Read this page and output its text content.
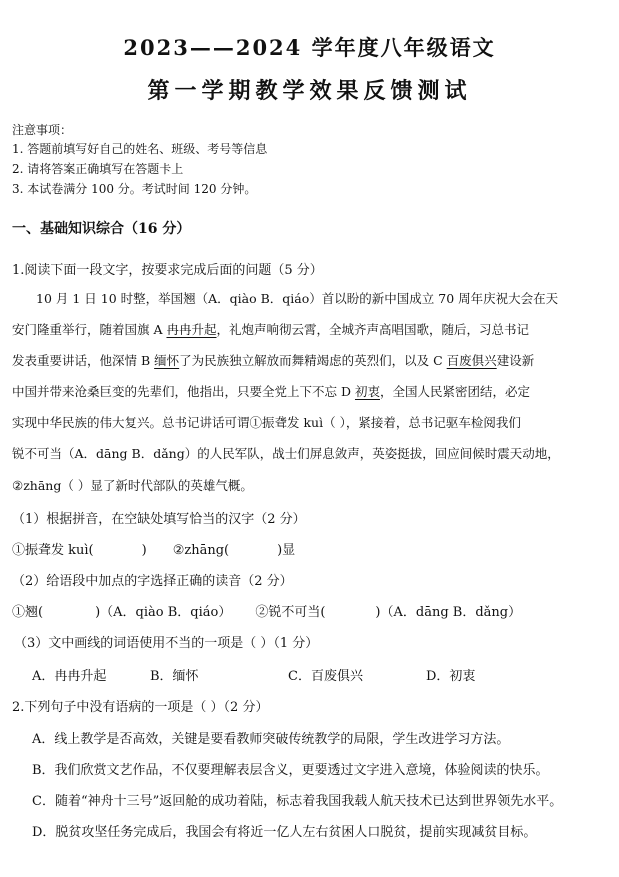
2023——2024 学年度八年级语文
第一学期教学效果反馈测试
注意事项：
1. 答题前填写好自己的姓名、班级、考号等信息
2. 请将答案正确填写在答题卡上
3. 本试卷满分 100 分。考试时间 120 分钟。
一、基础知识综合（16 分）
1.阅读下面一段文字，按要求完成后面的问题（5 分）
10 月 1 日 10 时整，举国翘（A．qiào B．qiáo）首以盼的新中国成立 70 周年庆祝大会在天
安门隆重举行，随着国旗 A 冉冉升起，礼炮声响彻云霄，全城齐声高唱国歌，随后，习总书记
发表重要讲话，他深情 B 缅怀了为民族独立解放而舞精竭虑的英烈们，以及 C 百废俱兴建设新
中国并带来沧桑巨变的先辈们，他指出，只要全党上下不忘 D 初衷，全国人民紧密团结，必定
实现中华民族的伟大复兴。总书记讲话可谓①振聋发 kuì（ ），紧接着，总书记驱车检阅我们
锐不可当（A．dāng B．dǎng）的人民军队，战士们屏息敛声，英姿挺拔，回应间候时震天动地，
②zhāng（ ）显了新时代部队的英雄气概。
（1）根据拼音，在空缺处填写恰当的汉字（2 分）
①振聋发 kuì(	) ②zhāng(	)显
（2）给语段中加点的字选择正确的读音（2 分）
①翘(	)（A．qiào B．qiáo） ②锐不可当(	)（A．dāng B．dǎng）
（3）文中画线的词语使用不当的一项是（ ）（1 分）
A．冉冉升起	B．缅怀	C．百废俱兴	D．初衷
2.下列句子中没有语病的一项是（ ）（2 分）
A．线上教学是否高效，关键是要看教师突破传统教学的局限，学生改进学习方法。
B．我们欣赏文艺作品，不仅要理解表层含义，更要透过文字进入意境，体验阅读的快乐。
C．随着“神舟十三号”返回舱的成功着陆，标志着我国我载人航天技术已达到世界领先水平。
D．脱贫攻坚任务完成后，我国会有将近一亿人左右贫困人口脱贫，提前实现减贫目标。
